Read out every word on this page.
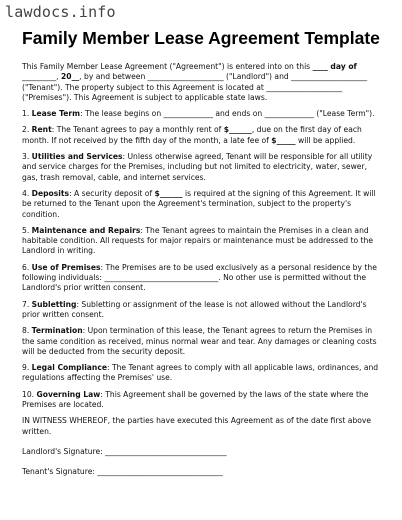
lawdocs.info
Family Member Lease Agreement Template

This Family Member Lease Agreement ("Agreement") is entered into on this ____ day of _________, 20__, by and between ____________________ ("Landlord") and ____________________ ("Tenant"). The property subject to this Agreement is located at ____________________ ("Premises"). This Agreement is subject to applicable state laws.

1. Lease Term: The lease begins on _____________ and ends on _____________ ("Lease Term").

2. Rent: The Tenant agrees to pay a monthly rent of $______, due on the first day of each month. If not received by the fifth day of the month, a late fee of $_____ will be applied.

3. Utilities and Services: Unless otherwise agreed, Tenant will be responsible for all utility and service charges for the Premises, including but not limited to electricity, water, sewer, gas, trash removal, cable, and internet services.

4. Deposits: A security deposit of $______ is required at the signing of this Agreement. It will be returned to the Tenant upon the Agreement's termination, subject to the property's condition.

5. Maintenance and Repairs: The Tenant agrees to maintain the Premises in a clean and habitable condition. All requests for major repairs or maintenance must be addressed to the Landlord in writing.

6. Use of Premises: The Premises are to be used exclusively as a personal residence by the following individuals: ______________________________. No other use is permitted without the Landlord's prior written consent.

7. Subletting: Subletting or assignment of the lease is not allowed without the Landlord's prior written consent.

8. Termination: Upon termination of this lease, the Tenant agrees to return the Premises in the same condition as received, minus normal wear and tear. Any damages or cleaning costs will be deducted from the security deposit.

9. Legal Compliance: The Tenant agrees to comply with all applicable laws, ordinances, and regulations affecting the Premises' use.

10. Governing Law: This Agreement shall be governed by the laws of the state where the Premises are located.

IN WITNESS WHEREOF, the parties have executed this Agreement as of the date first above written.

Landlord's Signature: ________________________________

Tenant's Signature: _________________________________
